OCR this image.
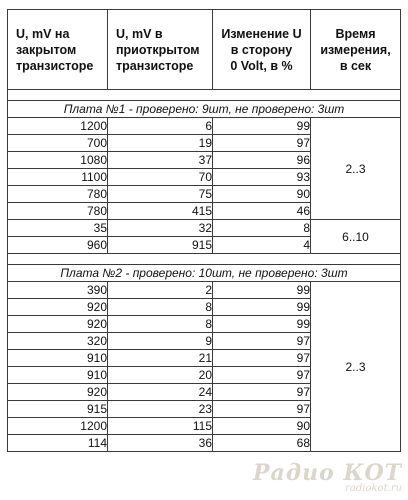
U, mV на
закрытом
транзисторе	U, mV в
приоткрытом
транзисторе	Изменение U
в сторону
0 Volt, в %	Время
измерения,
в сек

Плата №1 - проверено: 9шт, не проверено: 3шт			
1200	6	99	2..3
700	19	97	
1080	37	96	
1100	70	93	
780	75	90	
780	415	46	
35	32	8	6..10
960	915	4	

Плата №2 - проверено: 10шт, не проверено: 3шт			
390	2	99	2..3
920	8	99	
920	8	99	
320	9	97	
910	21	97	
910	20	97	
920	24	97	
915	23	97	
1200	115	90	
114	36	68	
Радио КОТ
radiokot.ru
